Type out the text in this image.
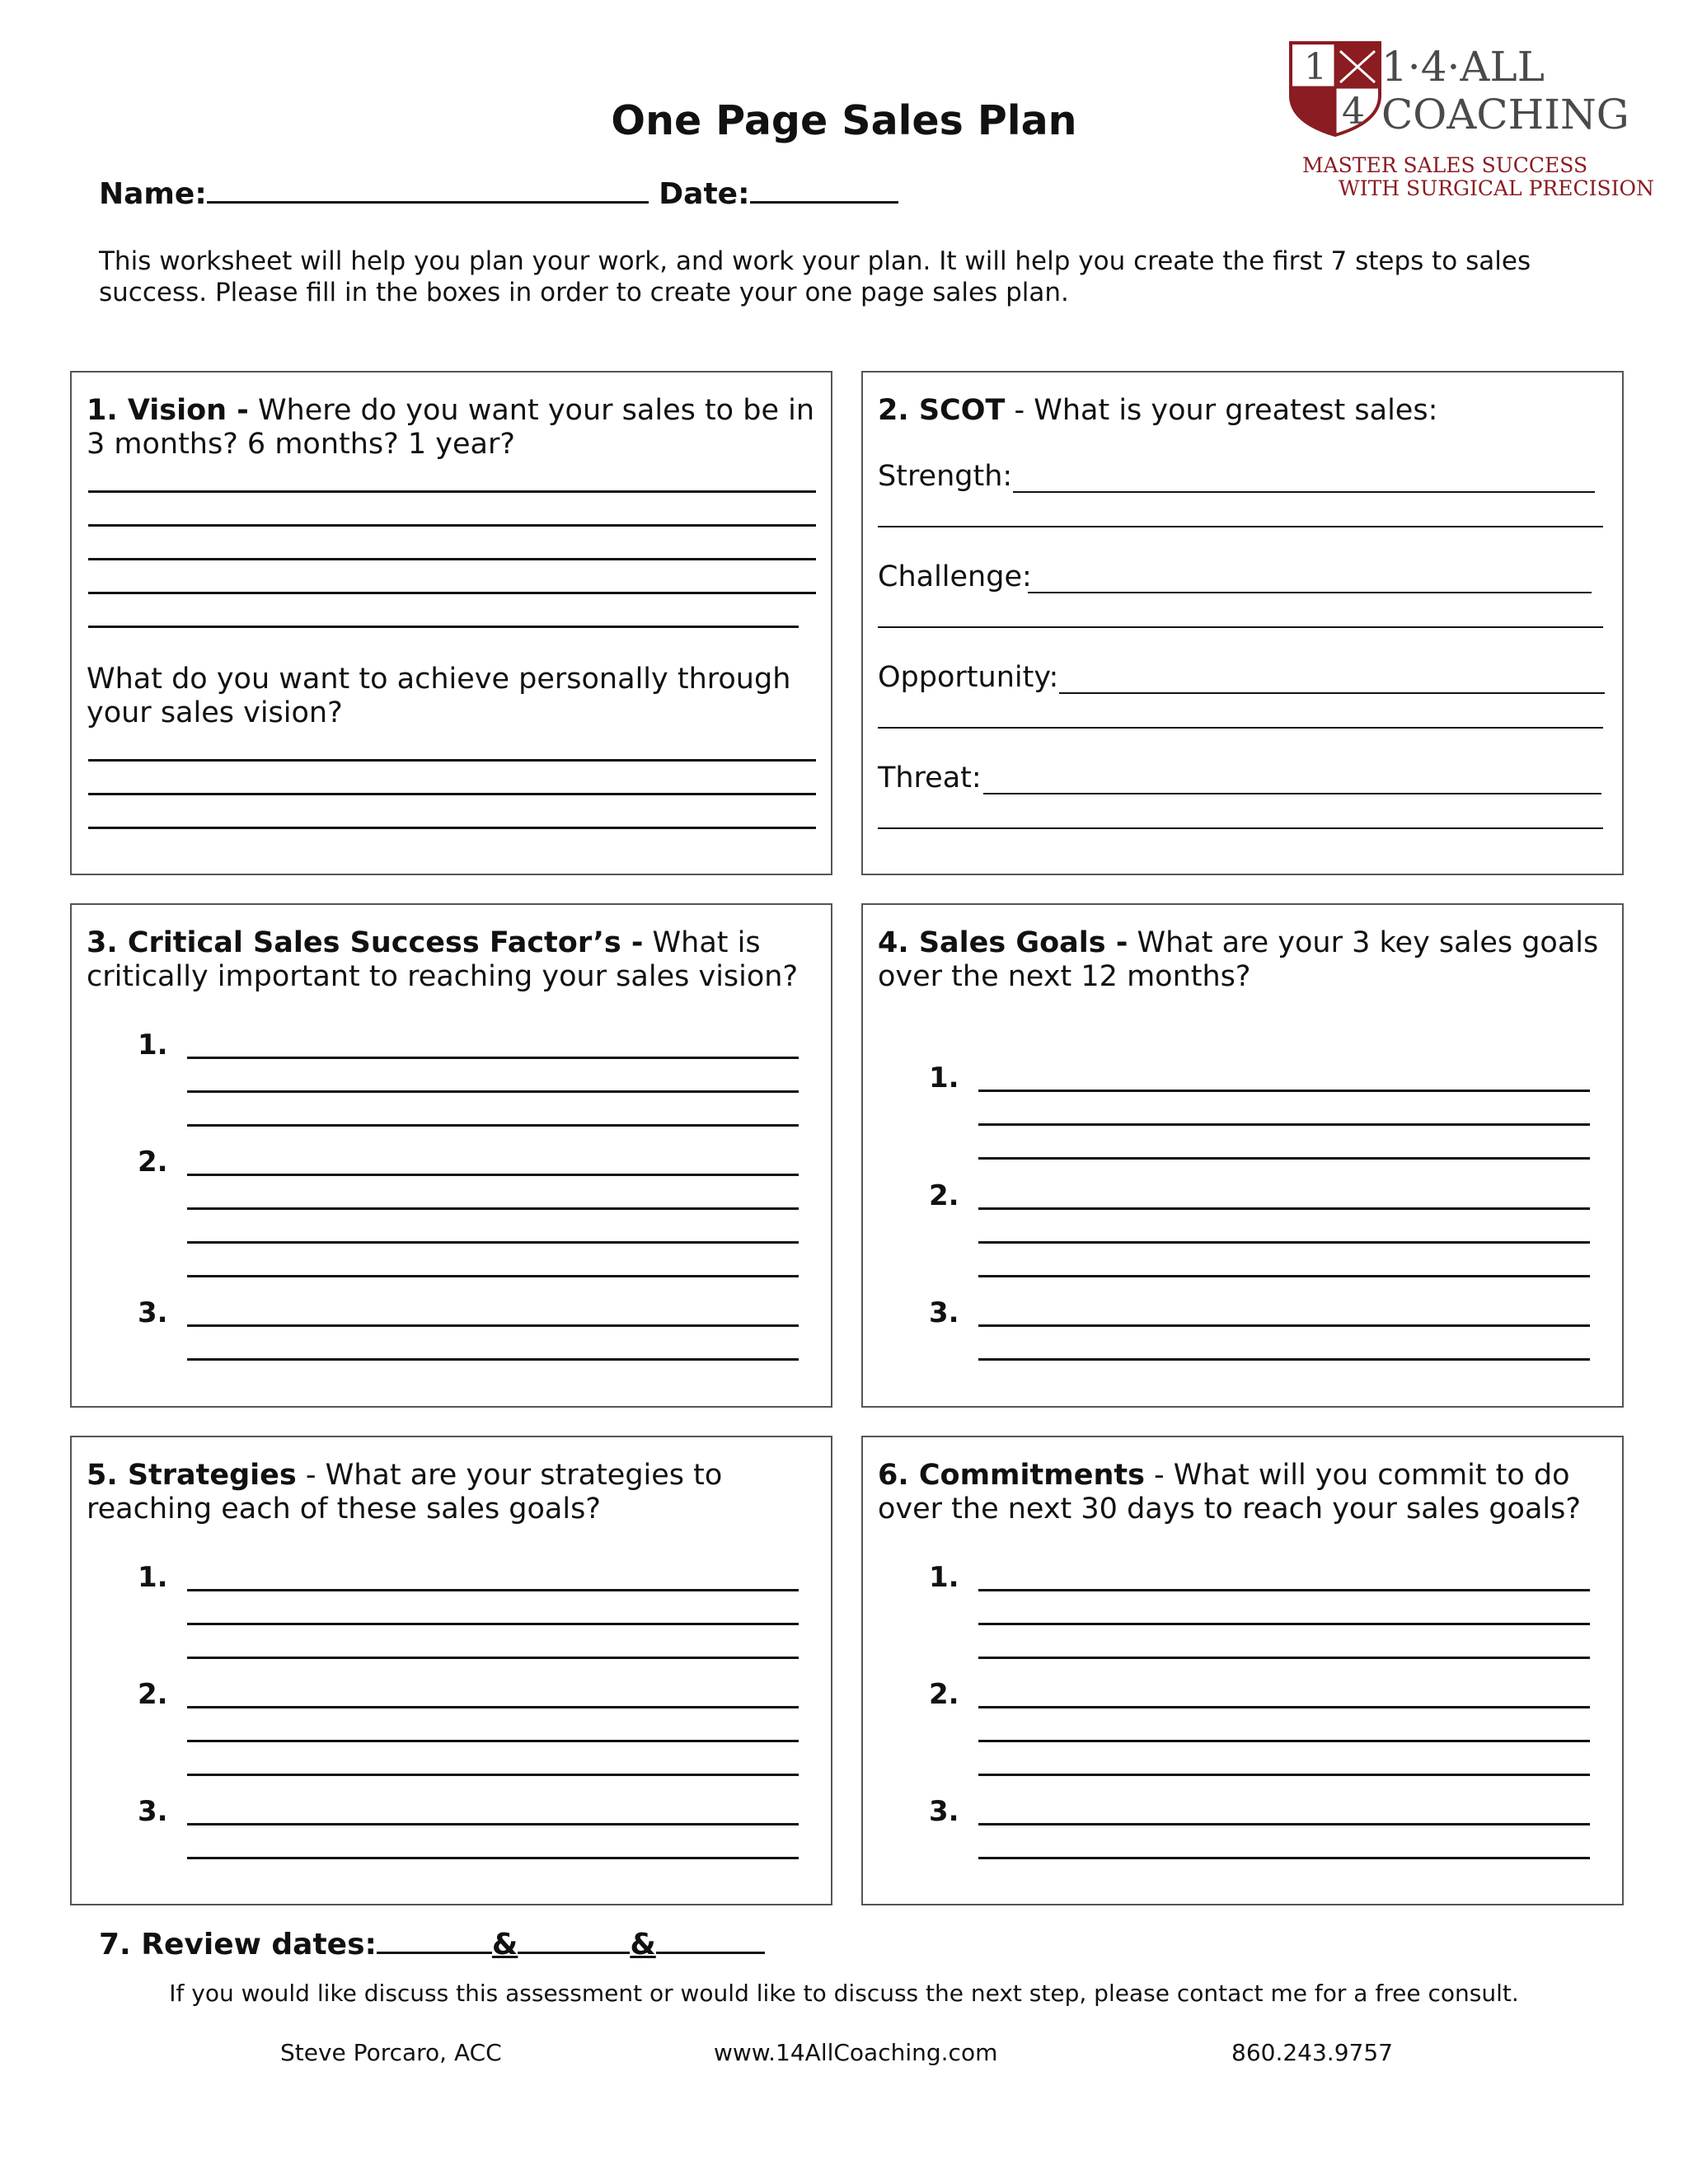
One Page Sales Plan
1
4
1·4·ALL
COACHING
MASTER SALES SUCCESS
WITH SURGICAL PRECISION
Name:	Date:
This worksheet will help you plan your work, and work your plan. It will help you create the first 7 steps to sales success. Please fill in the boxes in order to create your one page sales plan.
1. Vision - Where do you want your sales to be in 3 months? 6 months? 1 year?
What do you want to achieve personally through your sales vision?
2. SCOT - What is your greatest sales:
Strength:
Challenge:
Opportunity:
Threat:
3. Critical Sales Success Factor’s - What is critically important to reaching your sales vision?
1.
2.
3.
4. Sales Goals - What are your 3 key sales goals over the next 12 months?
1.
2.
3.
5. Strategies - What are your strategies to reaching each of these sales goals?
1.
2.
3.
6. Commitments - What will you commit to do over the next 30 days to reach your sales goals?
1.
2.
3.
7. Review dates:	&	&
If you would like discuss this assessment or would like to discuss the next step, please contact me for a free consult.
Steve Porcaro, ACC	www.14AllCoaching.com	860.243.9757
